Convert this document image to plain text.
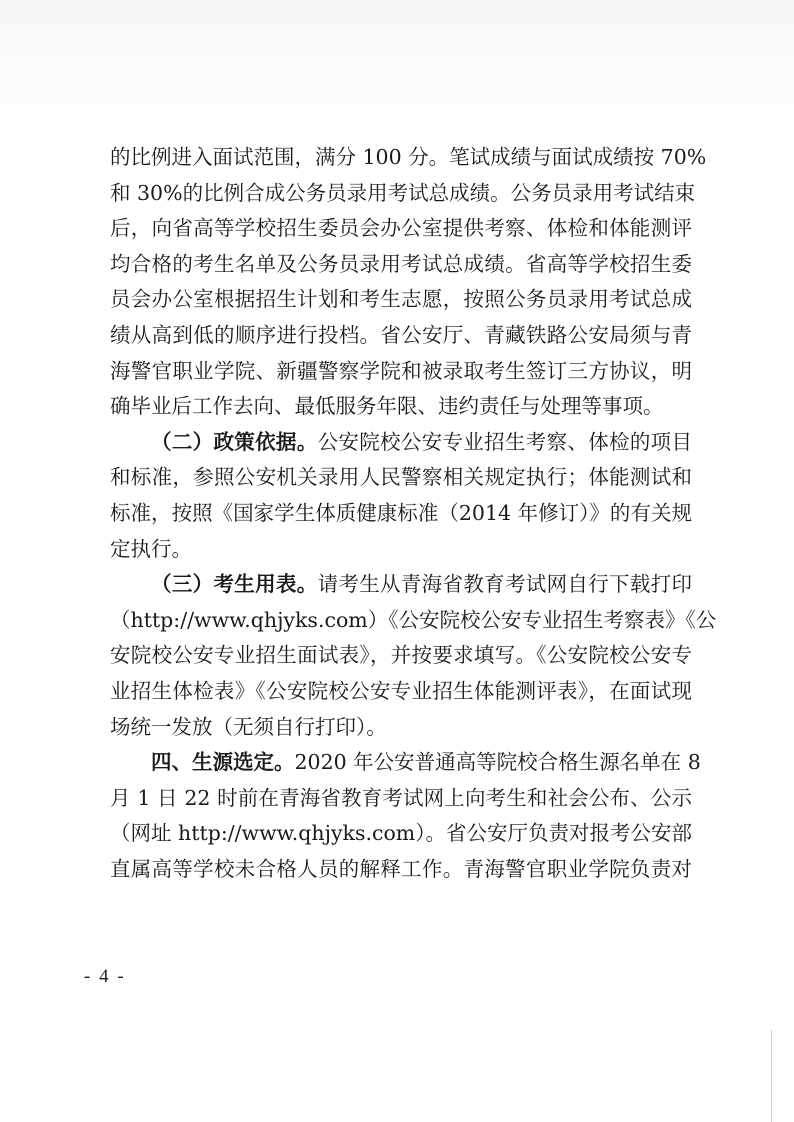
的比例进入面试范围，满分 100 分。笔试成绩与面试成绩按 70%
和 30%的比例合成公务员录用考试总成绩。公务员录用考试结束
后，向省高等学校招生委员会办公室提供考察、体检和体能测评
均合格的考生名单及公务员录用考试总成绩。省高等学校招生委
员会办公室根据招生计划和考生志愿，按照公务员录用考试总成
绩从高到低的顺序进行投档。省公安厅、青藏铁路公安局须与青
海警官职业学院、新疆警察学院和被录取考生签订三方协议，明
确毕业后工作去向、最低服务年限、违约责任与处理等事项。
（二）政策依据。公安院校公安专业招生考察、体检的项目
和标准，参照公安机关录用人民警察相关规定执行；体能测试和
标准，按照《国家学生体质健康标准（2014 年修订）》的有关规
定执行。
（三）考生用表。请考生从青海省教育考试网自行下载打印
（http://www.qhjyks.com）《公安院校公安专业招生考察表》《公
安院校公安专业招生面试表》，并按要求填写。《公安院校公安专
业招生体检表》《公安院校公安专业招生体能测评表》，在面试现
场统一发放（无须自行打印）。
四、生源选定。2020 年公安普通高等院校合格生源名单在 8
月 1 日 22 时前在青海省教育考试网上向考生和社会公布、公示
（网址 http://www.qhjyks.com）。省公安厅负责对报考公安部
直属高等学校未合格人员的解释工作。青海警官职业学院负责对
- 4 -
